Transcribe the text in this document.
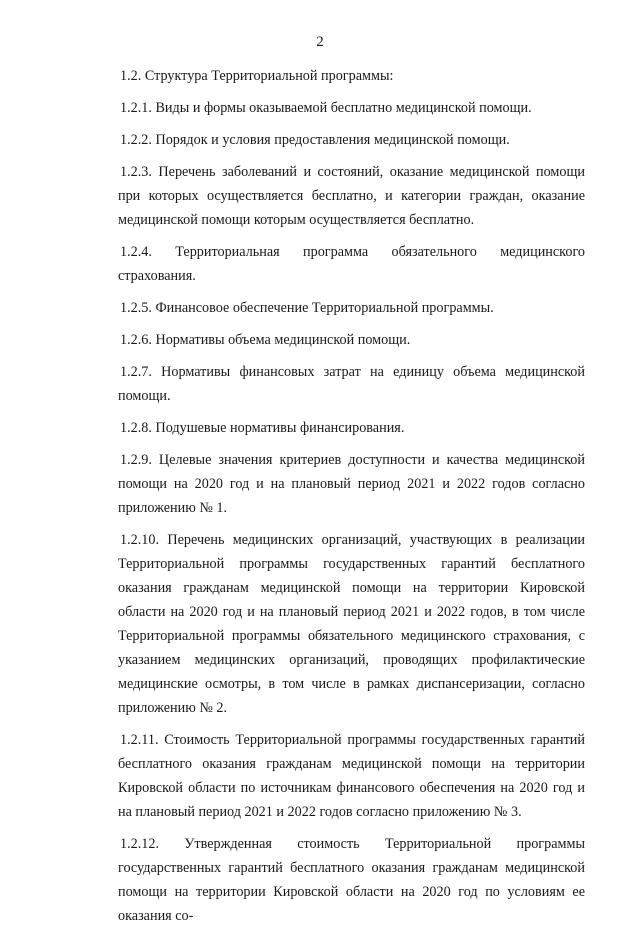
2

1.2. Структура Территориальной программы:

1.2.1. Виды и формы оказываемой бесплатно медицинской помощи.

1.2.2. Порядок и условия предоставления медицинской помощи.

1.2.3. Перечень заболеваний и состояний, оказание медицинской помощи при которых осуществляется бесплатно, и категории граждан, оказание медицинской помощи которым осуществляется бесплатно.

1.2.4. Территориальная программа обязательного медицинского страхования.

1.2.5. Финансовое обеспечение Территориальной программы.

1.2.6. Нормативы объема медицинской помощи.

1.2.7. Нормативы финансовых затрат на единицу объема медицинской помощи.

1.2.8. Подушевые нормативы финансирования.

1.2.9. Целевые значения критериев доступности и качества медицинской помощи на 2020 год и на плановый период 2021 и 2022 годов согласно приложению № 1.

1.2.10. Перечень медицинских организаций, участвующих в реализации Территориальной программы государственных гарантий бесплатного оказания гражданам медицинской помощи на территории Кировской области на 2020 год и на плановый период 2021 и 2022 годов, в том числе Территориальной программы обязательного медицинского страхования, с указанием медицинских организаций, проводящих профилактические медицинские осмотры, в том числе в рамках диспансеризации, согласно приложению № 2.

1.2.11. Стоимость Территориальной программы государственных гарантий бесплатного оказания гражданам медицинской помощи на территории Кировской области по источникам финансового обеспечения на 2020 год и на плановый период 2021 и 2022 годов согласно приложению № 3.

1.2.12. Утвержденная стоимость Территориальной программы государственных гарантий бесплатного оказания гражданам медицинской помощи на территории Кировской области на 2020 год по условиям ее оказания со-
